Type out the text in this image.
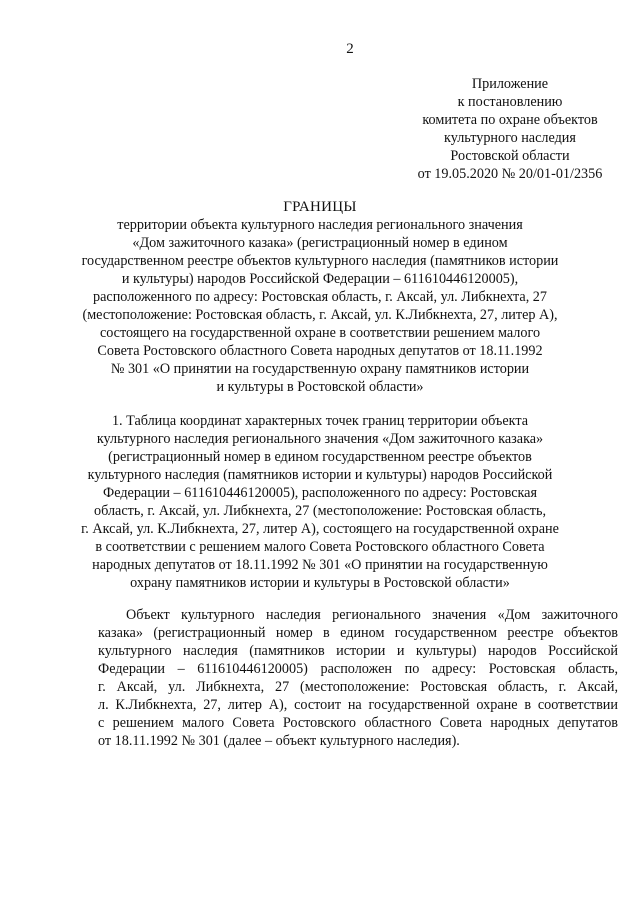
2
Приложение
к постановлению
комитета по охране объектов
культурного наследия
Ростовской области
от 19.05.2020 № 20/01-01/2356
ГРАНИЦЫ
территории объекта культурного наследия регионального значения
«Дом зажиточного казака» (регистрационный номер в едином
государственном реестре объектов культурного наследия (памятников истории
и культуры) народов Российской Федерации – 611610446120005),
расположенного по адресу: Ростовская область, г. Аксай, ул. Либкнехта, 27
(местоположение: Ростовская область, г. Аксай, ул. К.Либкнехта, 27, литер А),
состоящего на государственной охране в соответствии решением малого
Совета Ростовского областного Совета народных депутатов от 18.11.1992
№ 301 «О принятии на государственную охрану памятников истории
и культуры в Ростовской области»
1. Таблица координат характерных точек границ территории объекта
культурного наследия регионального значения «Дом зажиточного казака»
(регистрационный номер в едином государственном реестре объектов
культурного наследия (памятников истории и культуры) народов Российской
Федерации – 611610446120005), расположенного по адресу: Ростовская
область, г. Аксай, ул. Либкнехта, 27 (местоположение: Ростовская область,
г. Аксай, ул. К.Либкнехта, 27, литер А), состоящего на государственной охране
в соответствии с решением малого Совета Ростовского областного Совета
народных депутатов от 18.11.1992 № 301 «О принятии на государственную
охрану памятников истории и культуры в Ростовской области»
Объект культурного наследия регионального значения «Дом зажиточного
казака» (регистрационный номер в едином государственном реестре объектов
культурного наследия (памятников истории и культуры) народов Российской
Федерации – 611610446120005) расположен по адресу: Ростовская область,
г. Аксай, ул. Либкнехта, 27 (местоположение: Ростовская область, г. Аксай,
л. К.Либкнехта, 27, литер А), состоит на государственной охране в соответствии
с решением малого Совета Ростовского областного Совета народных депутатов
от 18.11.1992 № 301 (далее – объект культурного наследия).
